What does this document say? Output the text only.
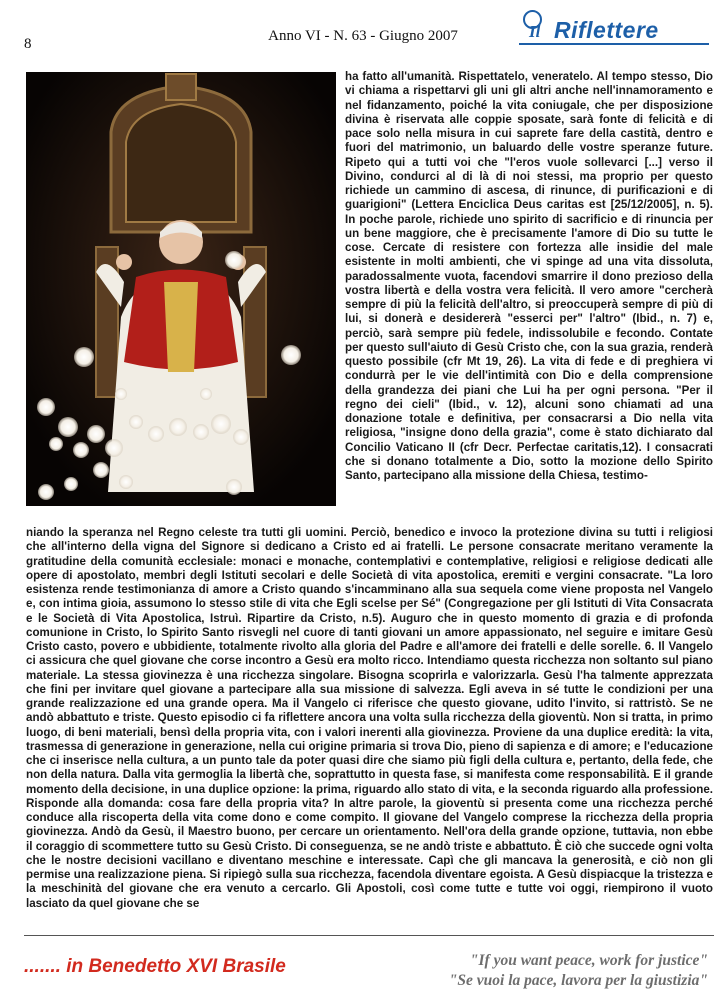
8	Anno VI - N. 63 - Giugno 2007	Il Riflettere

ha fatto all'umanità. Rispettatelo, veneratelo. Al tempo stesso, Dio vi chiama a rispettarvi gli uni gli altri anche nell'innamoramento e nel fidanzamento, poiché la vita coniugale, che per disposizione divina è riservata alle coppie sposate, sarà fonte di felicità e di pace solo nella misura in cui saprete fare della castità, dentro e fuori del matrimonio, un baluardo delle vostre speranze future. Ripeto qui a tutti voi che "l'eros vuole sollevarci [...] verso il Divino, condurci al di là di noi stessi, ma proprio per questo richiede un cammino di ascesa, di rinunce, di purificazioni e di guarigioni" (Lettera Enciclica Deus caritas est [25/12/2005], n. 5). In poche parole, richiede uno spirito di sacrificio e di rinuncia per un bene maggiore, che è precisamente l'amore di Dio su tutte le cose. Cercate di resistere con fortezza alle insidie del male esistente in molti ambienti, che vi spinge ad una vita dissoluta, paradossalmente vuota, facendovi smarrire il dono prezioso della vostra libertà e della vostra vera felicità. Il vero amore "cercherà sempre di più la felicità dell'altro, si preoccuperà sempre di più di lui, si donerà e desidererà "esserci per" l'altro" (Ibid., n. 7) e, perciò, sarà sempre più fedele, indissolubile e fecondo. Contate per questo sull'aiuto di Gesù Cristo che, con la sua grazia, renderà questo possibile (cfr Mt 19, 26). La vita di fede e di preghiera vi condurrà per le vie dell'intimità con Dio e della comprensione della grandezza dei piani che Lui ha per ogni persona. "Per il regno dei cieli" (Ibid., v. 12), alcuni sono chiamati ad una donazione totale e definitiva, per consacrarsi a Dio nella vita religiosa, "insigne dono della grazia", come è stato dichiarato dal Concilio Vaticano II (cfr Decr. Perfectae caritatis,12). I consacrati che si donano totalmente a Dio, sotto la mozione dello Spirito Santo, partecipano alla missione della Chiesa, testimo-

niando la speranza nel Regno celeste tra tutti gli uomini. Perciò, benedico e invoco la protezione divina su tutti i religiosi che all'interno della vigna del Signore si dedicano a Cristo ed ai fratelli. Le persone consacrate meritano veramente la gratitudine della comunità ecclesiale: monaci e monache, contemplativi e contemplative, religiosi e religiose dedicati alle opere di apostolato, membri degli Istituti secolari e delle Società di vita apostolica, eremiti e vergini consacrate. "La loro esistenza rende testimonianza di amore a Cristo quando s'incamminano alla sua sequela come viene proposta nel Vangelo e, con intima gioia, assumono lo stesso stile di vita che Egli scelse per Sé" (Congregazione per gli Istituti di Vita Consacrata e le Società di Vita Apostolica, Istruì. Ripartire da Cristo, n.5). Auguro che in questo momento di grazia e di profonda comunione in Cristo, lo Spirito Santo risvegli nel cuore di tanti giovani un amore appassionato, nel seguire e imitare Gesù Cristo casto, povero e ubbidiente, totalmente rivolto alla gloria del Padre e all'amore dei fratelli e delle sorelle. 6. Il Vangelo ci assicura che quel giovane che corse incontro a Gesù era molto ricco. Intendiamo questa ricchezza non soltanto sul piano materiale. La stessa giovinezza è una ricchezza singolare. Bisogna scoprirla e valorizzarla. Gesù l'ha talmente apprezzata che fini per invitare quel giovane a partecipare alla sua missione di salvezza. Egli aveva in sé tutte le condizioni per una grande realizzazione ed una grande opera. Ma il Vangelo ci riferisce che questo giovane, udito l'invito, si rattristò. Se ne andò abbattuto e triste. Questo episodio ci fa riflettere ancora una volta sulla ricchezza della gioventù. Non si tratta, in primo luogo, di beni materiali, bensì della propria vita, con i valori inerenti alla giovinezza. Proviene da una duplice eredità: la vita, trasmessa di generazione in generazione, nella cui origine primaria si trova Dio, pieno di sapienza e di amore; e l'educazione che ci inserisce nella cultura, a un punto tale da poter quasi dire che siamo più figli della cultura e, pertanto, della fede, che non della natura. Dalla vita germoglia la libertà che, soprattutto in questa fase, si manifesta come responsabilità. E il grande momento della decisione, in una duplice opzione: la prima, riguardo allo stato di vita, e la seconda riguardo alla professione. Risponde alla domanda: cosa fare della propria vita? In altre parole, la gioventù si presenta come una ricchezza perché conduce alla riscoperta della vita come dono e come compito. Il giovane del Vangelo comprese la ricchezza della propria giovinezza. Andò da Gesù, il Maestro buono, per cercare un orientamento. Nell'ora della grande opzione, tuttavia, non ebbe il coraggio di scommettere tutto su Gesù Cristo. Di conseguenza, se ne andò triste e abbattuto. È ciò che succede ogni volta che le nostre decisioni vacillano e diventano meschine e interessate. Capì che gli mancava la generosità, e ciò non gli permise una realizzazione piena. Si ripiegò sulla sua ricchezza, facendola diventare egoista. A Gesù dispiacque la tristezza e la meschinità del giovane che era venuto a cercarlo. Gli Apostoli, così come tutte e tutte voi oggi, riempirono il vuoto lasciato da quel giovane che se

....... in Benedetto XVI Brasile	"If you want peace, work for justice"
"Se vuoi la pace, lavora per la giustizia"
